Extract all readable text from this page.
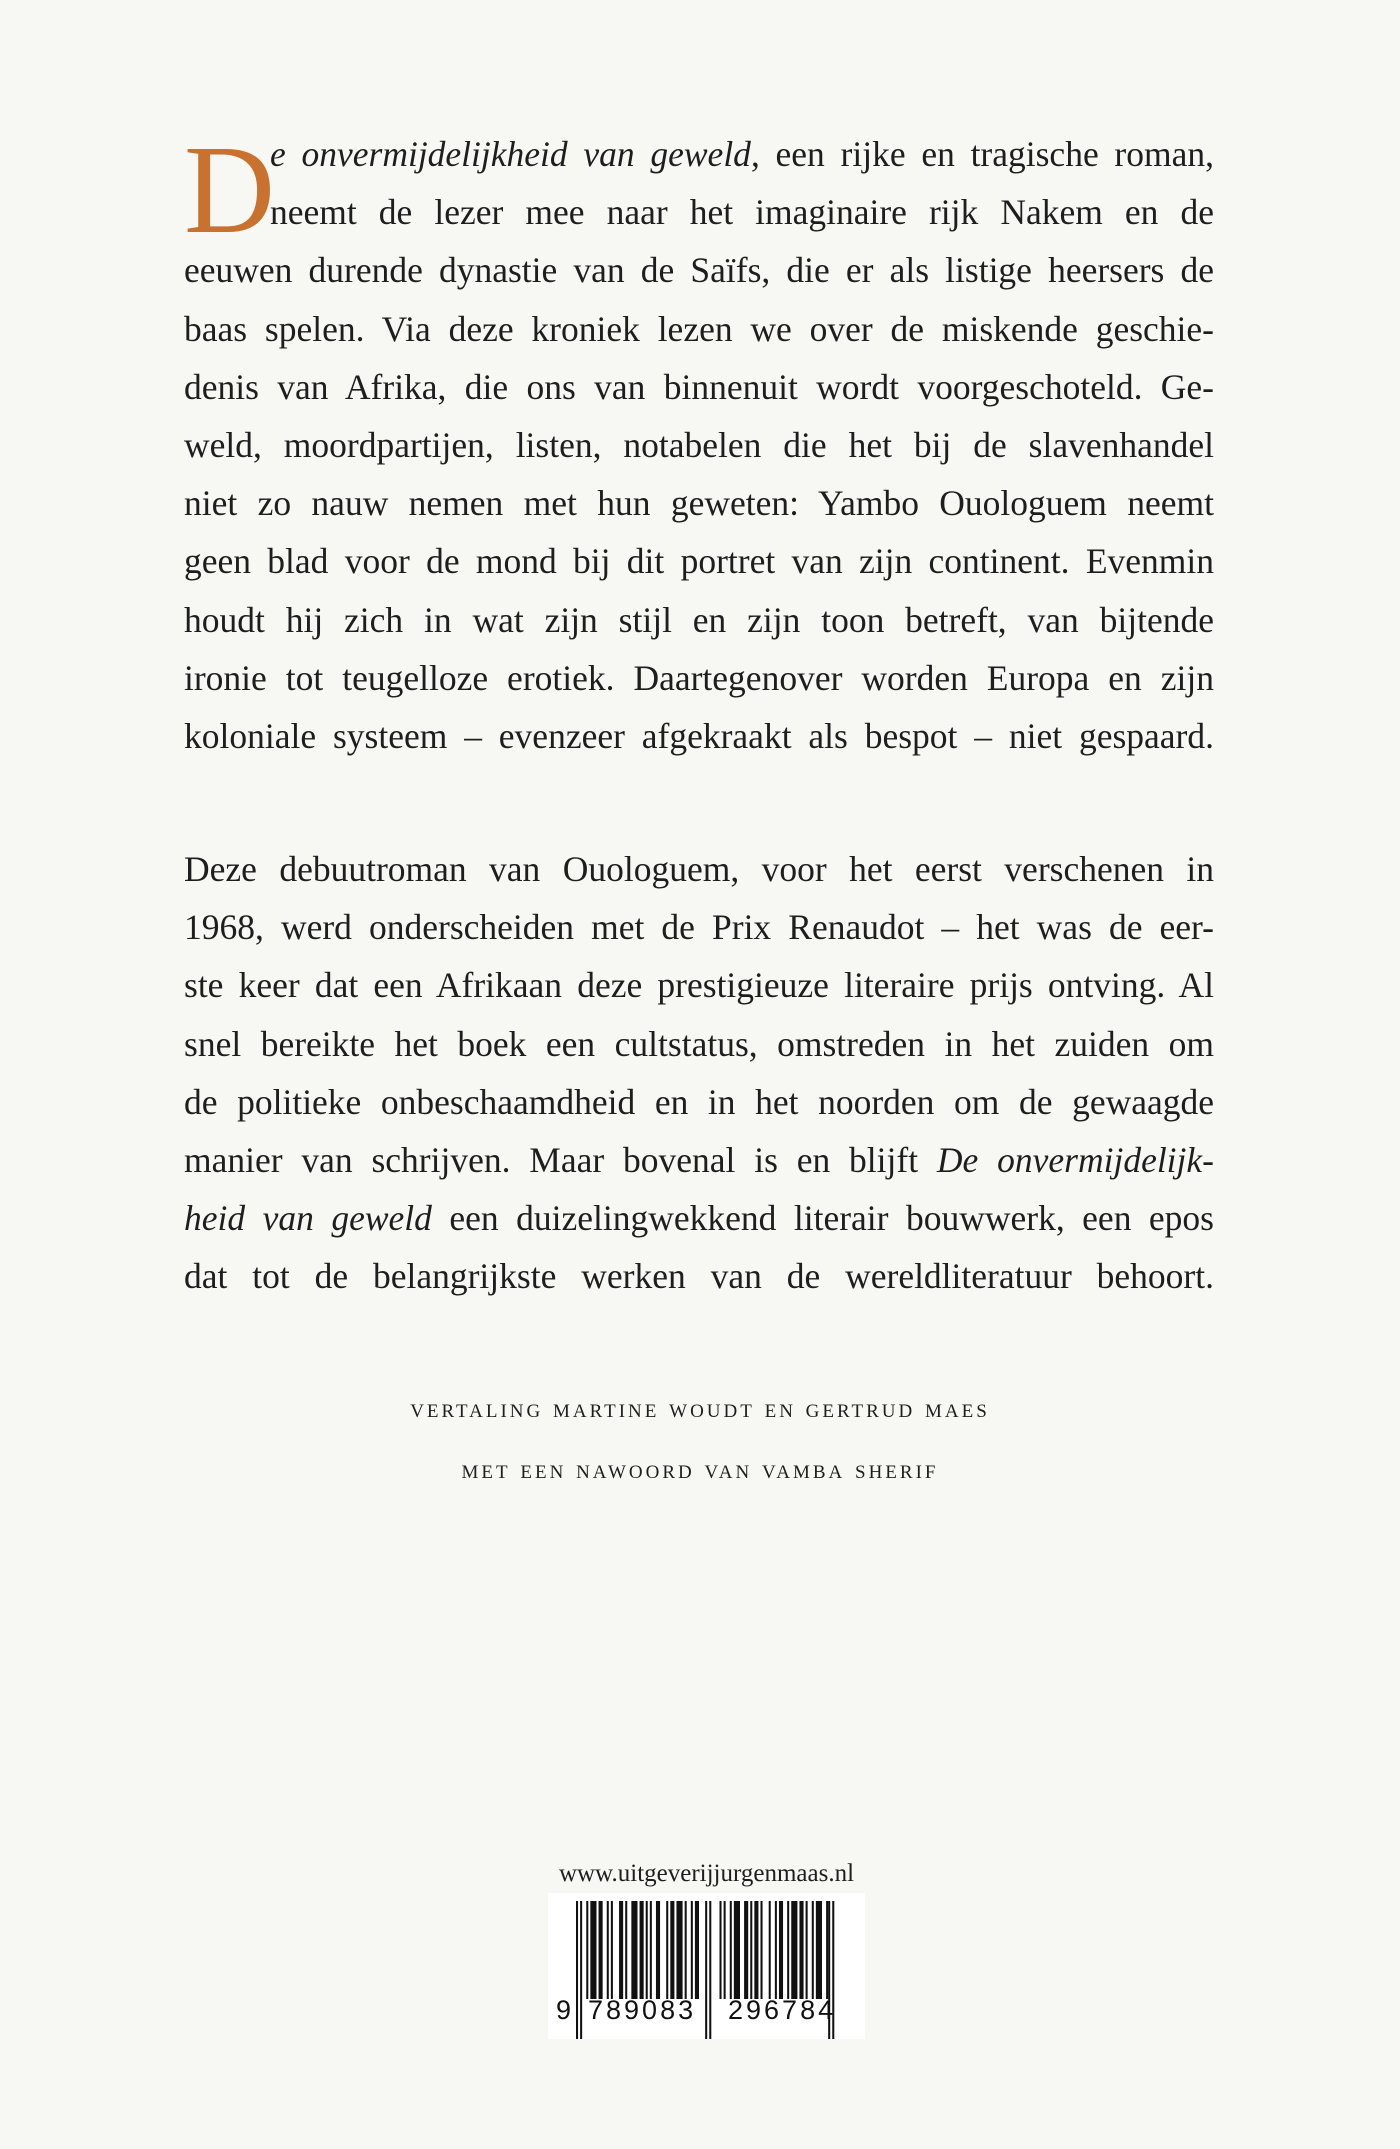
D

e onvermijdelijkheid van geweld, een rijke en tragische roman,

neemt de lezer mee naar het imaginaire rijk Nakem en de

eeuwen durende dynastie van de Saïfs, die er als listige heersers de

baas spelen. Via deze kroniek lezen we over de miskende geschie-

denis van Afrika, die ons van binnenuit wordt voorgeschoteld. Ge-

weld, moordpartijen, listen, notabelen die het bij de slavenhandel

niet zo nauw nemen met hun geweten: Yambo Ouologuem neemt

geen blad voor de mond bij dit portret van zijn continent. Evenmin

houdt hij zich in wat zijn stijl en zijn toon betreft, van bijtende

ironie tot teugelloze erotiek. Daartegenover worden Europa en zijn

koloniale systeem – evenzeer afgekraakt als bespot – niet gespaard.

Deze debuutroman van Ouologuem, voor het eerst verschenen in

1968, werd onderscheiden met de Prix Renaudot – het was de eer-

ste keer dat een Afrikaan deze prestigieuze literaire prijs ontving. Al

snel bereikte het boek een cultstatus, omstreden in het zuiden om

de politieke onbeschaamdheid en in het noorden om de gewaagde

manier van schrijven. Maar bovenal is en blijft De onvermijdelijk-

heid van geweld een duizelingwekkend literair bouwwerk, een epos

dat tot de belangrijkste werken van de wereldliteratuur behoort.

vertaling martine woudt en gertrud maes
met een nawoord van vamba sherif
www.uitgeverijjurgenmaas.nl
9 789083 296784
